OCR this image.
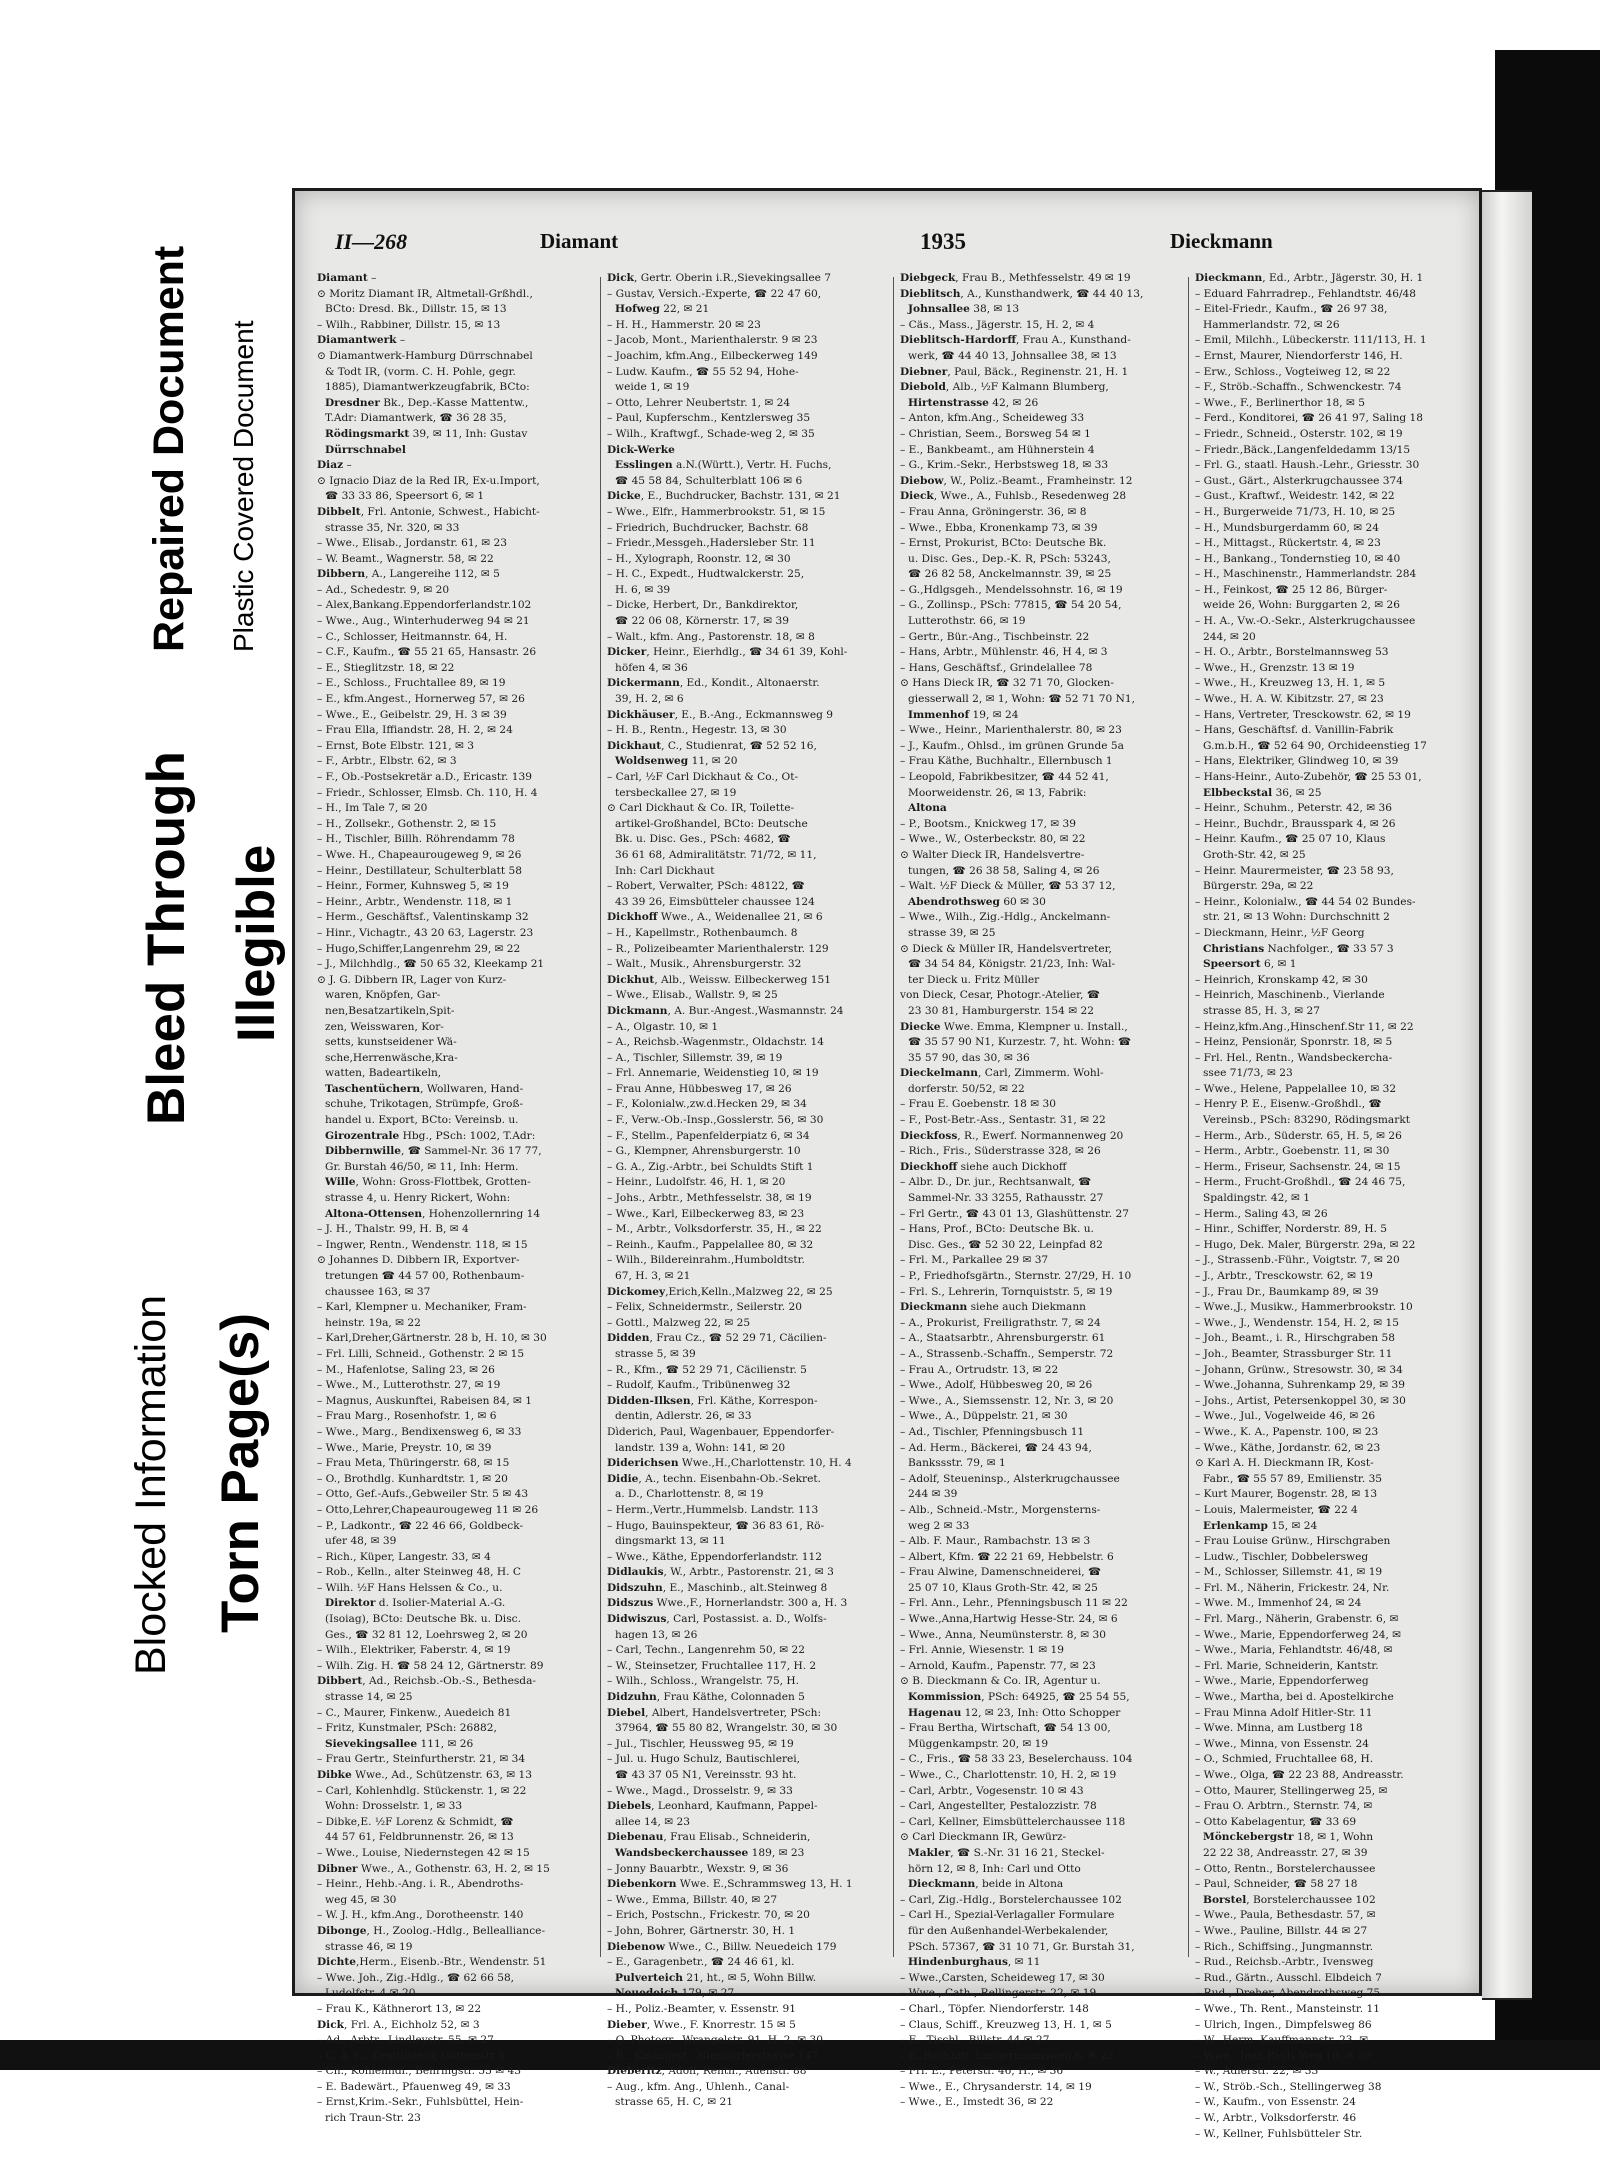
Repaired Document Plastic Covered Document
Bleed Through Illegible
Blocked Information Torn Page(s)
II—268	Diamant	1935	Dieckmann
Diamant –
⊙ Moritz Diamant IR, Altmetall-Grßhdl.,
BCto: Dresd. Bk., Dillstr. 15, ✉ 13
– Wilh., Rabbiner, Dillstr. 15, ✉ 13
Diamantwerk –
⊙ Diamantwerk-Hamburg Dürrschnabel
& Todt IR, (vorm. C. H. Pohle, gegr.
1885), Diamantwerkzeugfabrik, BCto:
Dresdner Bk., Dep.-Kasse Mattentw.,
T.Adr: Diamantwerk, ☎ 36 28 35,
Rödingsmarkt 39, ✉ 11, Inh: Gustav
Dürrschnabel
Diaz –
⊙ Ignacio Diaz de la Red IR, Ex-u.Import,
☎ 33 33 86, Speersort 6, ✉ 1
Dibbelt, Frl. Antonie, Schwest., Habicht-
strasse 35, Nr. 320, ✉ 33
– Wwe., Elisab., Jordanstr. 61, ✉ 23
– W. Beamt., Wagnerstr. 58, ✉ 22
Dibbern, A., Langereihe 112, ✉ 5
– Ad., Schedestr. 9, ✉ 20
– Alex,Bankang.Eppendorferlandstr.102
– Wwe., Aug., Winterhuderweg 94 ✉ 21
– C., Schlosser, Heitmannstr. 64, H.
– C.F., Kaufm., ☎ 55 21 65, Hansastr. 26
– E., Stieglitzstr. 18, ✉ 22
– E., Schloss., Fruchtallee 89, ✉ 19
– E., kfm.Angest., Hornerweg 57, ✉ 26
– Wwe., E., Geibelstr. 29, H. 3 ✉ 39
– Frau Ella, Iffiandstr. 28, H. 2, ✉ 24
– Ernst, Bote Elbstr. 121, ✉ 3
– F., Arbtr., Elbstr. 62, ✉ 3
– F., Ob.-Postsekretär a.D., Ericastr. 139
– Friedr., Schlosser, Elmsb. Ch. 110, H. 4
– H., Im Tale 7, ✉ 20
– H., Zollsekr., Gothenstr. 2, ✉ 15
– H., Tischler, Billh. Röhrendamm 78
– Wwe. H., Chapeaurougeweg 9, ✉ 26
– Heinr., Destillateur, Schulterblatt 58
– Heinr., Former, Kuhnsweg 5, ✉ 19
– Heinr., Arbtr., Wendenstr. 118, ✉ 1
– Herm., Geschäftsf., Valentinskamp 32
– Hinr., Vichagtr., 43 20 63, Lagerstr. 23
– Hugo,Schiffer,Langenrehm 29, ✉ 22
– J., Milchhdlg., ☎ 50 65 32, Kleekamp 21
⊙ J. G. Dibbern IR, Lager von Kurz-
waren, Knöpfen, Gar-
nen,Besatzartikeln,Spit-
zen, Weisswaren, Kor-
setts, kunstseidener Wä-
sche,Herrenwäsche,Kra-
watten, Badeartikeln,
Taschentüchern, Wollwaren, Hand-
schuhe, Trikotagen, Strümpfe, Groß-
handel u. Export, BCto: Vereinsb. u.
Girozentrale Hbg., PSch: 1002, T.Adr:
Dibbernwille, ☎ Sammel-Nr. 36 17 77,
Gr. Burstah 46/50, ✉ 11, Inh: Herm.
Wille, Wohn: Gross-Flottbek, Grotten-
strasse 4, u. Henry Rickert, Wohn:
Altona-Ottensen, Hohenzollernring 14
– J. H., Thalstr. 99, H. B, ✉ 4
– Ingwer, Rentn., Wendenstr. 118, ✉ 15
⊙ Johannes D. Dibbern IR, Exportver-
tretungen ☎ 44 57 00, Rothenbaum-
chaussee 163, ✉ 37
– Karl, Klempner u. Mechaniker, Fram-
heinstr. 19a, ✉ 22
– Karl,Dreher,Gärtnerstr. 28 b, H. 10, ✉ 30
– Frl. Lilli, Schneid., Gothenstr. 2 ✉ 15
– M., Hafenlotse, Saling 23, ✉ 26
– Wwe., M., Lutterothstr. 27, ✉ 19
– Magnus, Auskunftei, Rabeisen 84, ✉ 1
– Frau Marg., Rosenhofstr. 1, ✉ 6
– Wwe., Marg., Bendixensweg 6, ✉ 33
– Wwe., Marie, Preystr. 10, ✉ 39
– Frau Meta, Thüringerstr. 68, ✉ 15
– O., Brothdlg. Kunhardtstr. 1, ✉ 20
– Otto, Gef.-Aufs.,Gebweiler Str. 5 ✉ 43
– Otto,Lehrer,Chapeaurougeweg 11 ✉ 26
– P., Ladkontr., ☎ 22 46 66, Goldbeck-
ufer 48, ✉ 39
– Rich., Küper, Langestr. 33, ✉ 4
– Rob., Kelln., alter Steinweg 48, H. C
– Wilh. ½F Hans Helssen & Co., u.
Direktor d. Isolier-Material A.-G.
(Isoiag), BCto: Deutsche Bk. u. Disc.
Ges., ☎ 32 81 12, Loehrsweg 2, ✉ 20
– Wilh., Elektriker, Faberstr. 4, ✉ 19
– Wilh. Zig. H. ☎ 58 24 12, Gärtnerstr. 89
Dibbert, Ad., Reichsb.-Ob.-S., Bethesda-
strasse 14, ✉ 25
– C., Maurer, Finkenw., Auedeich 81
– Fritz, Kunstmaler, PSch: 26882,
Sievekingsallee 111, ✉ 26
– Frau Gertr., Steinfurtherstr. 21, ✉ 34
Dibke Wwe., Ad., Schützenstr. 63, ✉ 13
– Carl, Kohlenhdlg. Stückenstr. 1, ✉ 22
Wohn: Drosselstr. 1, ✉ 33
– Dibke,E. ½F Lorenz & Schmidt, ☎
44 57 61, Feldbrunnenstr. 26, ✉ 13
– Wwe., Louise, Niedernstegen 42 ✉ 15
Dibner Wwe., A., Gothenstr. 63, H. 2, ✉ 15
– Heinr., Hehb.-Ang. i. R., Abendroths-
weg 45, ✉ 30
– W. J. H., kfm.Ang., Dorotheenstr. 140
Dibonge, H., Zoolog.-Hdlg., Bellealliance-
strasse 46, ✉ 19
Dichte,Herm., Eisenb.-Btr., Wendenstr. 51
– Wwe. Joh., Zig.-Hdlg., ☎ 62 66 58,
Ludolfstr. 4 ✉ 20
– Frau K., Käthnerort 13, ✉ 22
Dick, Frl. A., Eichholz 52, ✉ 3
– Ad., Arbtr., Lindleystr. 55, ✉ 27
– C. A. C., Destillateur, Gothenstr 6
– Ch., Kohlenhdl., Behringstr. 55 ✉ 43
– E. Badewärt., Pfauenweg 49, ✉ 33
– Ernst,Krim.-Sekr., Fuhlsbüttel, Hein-
rich Traun-Str. 23
Dick, Gertr. Oberin i.R.,Sievekingsallee 7
– Gustav, Versich.-Experte, ☎ 22 47 60,
Hofweg 22, ✉ 21
– H. H., Hammerstr. 20 ✉ 23
– Jacob, Mont., Marienthalerstr. 9 ✉ 23
– Joachim, kfm.Ang., Eilbeckerweg 149
– Ludw. Kaufm., ☎ 55 52 94, Hohe-
weide 1, ✉ 19
– Otto, Lehrer Neubertstr. 1, ✉ 24
– Paul, Kupferschm., Kentzlersweg 35
– Wilh., Kraftwgf., Schade-weg 2, ✉ 35
Dick-Werke
Esslingen a.N.(Württ.), Vertr. H. Fuchs,
☎ 45 58 84, Schulterblatt 106 ✉ 6
Dicke, E., Buchdrucker, Bachstr. 131, ✉ 21
– Wwe., Elfr., Hammerbrookstr. 51, ✉ 15
– Friedrich, Buchdrucker, Bachstr. 68
– Friedr.,Messgeh.,Hadersleber Str. 11
– H., Xylograph, Roonstr. 12, ✉ 30
– H. C., Expedt., Hudtwalckerstr. 25,
H. 6, ✉ 39
– Dicke, Herbert, Dr., Bankdirektor,
☎ 22 06 08, Körnerstr. 17, ✉ 39
– Walt., kfm. Ang., Pastorenstr. 18, ✉ 8
Dicker, Heinr., Eierhdlg., ☎ 34 61 39, Kohl-
höfen 4, ✉ 36
Dickermann, Ed., Kondit., Altonaerstr.
39, H. 2, ✉ 6
Dickhäuser, E., B.-Ang., Eckmannsweg 9
– H. B., Rentn., Hegestr. 13, ✉ 30
Dickhaut, C., Studienrat, ☎ 52 52 16,
Woldsenweg 11, ✉ 20
– Carl, ½F Carl Dickhaut & Co., Ot-
tersbeckallee 27, ✉ 19
⊙ Carl Dickhaut & Co. IR, Toilette-
artikel-Großhandel, BCto: Deutsche
Bk. u. Disc. Ges., PSch: 4682, ☎
36 61 68, Admiralitätstr. 71/72, ✉ 11,
Inh: Carl Dickhaut
– Robert, Verwalter, PSch: 48122, ☎
43 39 26, Eimsbütteler chaussee 124
Dickhoff Wwe., A., Weidenallee 21, ✉ 6
– H., Kapellmstr., Rothenbaumch. 8
– R., Polizeibeamter Marienthalerstr. 129
– Walt., Musik., Ahrensburgerstr. 32
Dickhut, Alb., Weissw. Eilbeckerweg 151
– Wwe., Elisab., Wallstr. 9, ✉ 25
Dickmann, A. Bur.-Angest.,Wasmannstr. 24
– A., Olgastr. 10, ✉ 1
– A., Reichsb.-Wagenmstr., Oldachstr. 14
– A., Tischler, Sillemstr. 39, ✉ 19
– Frl. Annemarie, Weidenstieg 10, ✉ 19
– Frau Anne, Hübbesweg 17, ✉ 26
– F., Kolonialw.,zw.d.Hecken 29, ✉ 34
– F., Verw.-Ob.-Insp.,Gosslerstr. 56, ✉ 30
– F., Stellm., Papenfelderpiatz 6, ✉ 34
– G., Klempner, Ahrensburgerstr. 10
– G. A., Zig.-Arbtr., bei Schuldts Stift 1
– Heinr., Ludolfstr. 46, H. 1, ✉ 20
– Johs., Arbtr., Methfesselstr. 38, ✉ 19
– Wwe., Karl, Eilbeckerweg 83, ✉ 23
– M., Arbtr., Volksdorferstr. 35, H., ✉ 22
– Reinh., Kaufm., Pappelallee 80, ✉ 32
– Wilh., Bildereinrahm.,Humboldtstr.
67, H. 3, ✉ 21
Dickomey,Erich,Kelln.,Malzweg 22, ✉ 25
– Felix, Schneidermstr., Seilerstr. 20
– Gottl., Malzweg 22, ✉ 25
Didden, Frau Cz., ☎ 52 29 71, Cäcilien-
strasse 5, ✉ 39
– R., Kfm., ☎ 52 29 71, Cäcilienstr. 5
– Rudolf, Kaufm., Tribünenweg 32
Didden-Ilksen, Frl. Käthe, Korrespon-
dentin, Adlerstr. 26, ✉ 33
Dìderich, Paul, Wagenbauer, Eppendorfer-
landstr. 139 a, Wohn: 141, ✉ 20
Diderichsen Wwe.,H.,Charlottenstr. 10, H. 4
Didie, A., techn. Eisenbahn-Ob.-Sekret.
a. D., Charlottenstr. 8, ✉ 19
– Herm.,Vertr.,Hummelsb. Landstr. 113
– Hugo, Bauinspekteur, ☎ 36 83 61, Rö-
dingsmarkt 13, ✉ 11
– Wwe., Käthe, Eppendorferlandstr. 112
Didlaukis, W., Arbtr., Pastorenstr. 21, ✉ 3
Didszuhn, E., Maschinb., alt.Steinweg 8
Didszus Wwe.,F., Hornerlandstr. 300 a, H. 3
Didwiszus, Carl, Postassist. a. D., Wolfs-
hagen 13, ✉ 26
– Carl, Techn., Langenrehm 50, ✉ 22
– W., Steinsetzer, Fruchtallee 117, H. 2
– Wilh., Schloss., Wrangelstr. 75, H.
Didzuhn, Frau Käthe, Colonnaden 5
Diebel, Albert, Handelsvertreter, PSch:
37964, ☎ 55 80 82, Wrangelstr. 30, ✉ 30
– Jul., Tischler, Heussweg 95, ✉ 19
– Jul. u. Hugo Schulz, Bautischlerei,
☎ 43 37 05 N1, Vereinsstr. 93 ht.
– Wwe., Magd., Drosselstr. 9, ✉ 33
Diebels, Leonhard, Kaufmann, Pappel-
allee 14, ✉ 23
Diebenau, Frau Elisab., Schneiderin,
Wandsbeckerchaussee 189, ✉ 23
– Jonny Bauarbtr., Wexstr. 9, ✉ 36
Diebenkorn Wwe. E.,Schrammsweg 13, H. 1
– Wwe., Emma, Billstr. 40, ✉ 27
– Erich, Postschn., Frickestr. 70, ✉ 20
– John, Bohrer, Gärtnerstr. 30, H. 1
Diebenow Wwe., C., Billw. Neuedeich 179
– E., Garagenbetr., ☎ 24 46 61, kl.
Pulverteich 21, ht., ✉ 5, Wohn Billw.
Neuedeich 179, ✉ 27
– H., Poliz.-Beamter, v. Essenstr. 91
Dieber, Wwe., F. Knorrestr. 15 ✉ 5
– O.,Photogr., Wrangelstr. 91, H. 2, ✉ 30
– R., Kaiangest., Niendorferstrasse 147
Dieberitz, Adolf, Rentn., Auenstr. 88
– Aug., kfm. Ang., Uhlenh., Canal-
strasse 65, H. C, ✉ 21
Diebgeck, Frau B., Methfesselstr. 49 ✉ 19
Dieblitsch, A., Kunsthandwerk, ☎ 44 40 13,
Johnsallee 38, ✉ 13
– Cäs., Mass., Jägerstr. 15, H. 2, ✉ 4
Dieblitsch-Hardorff, Frau A., Kunsthand-
werk, ☎ 44 40 13, Johnsallee 38, ✉ 13
Diebner, Paul, Bäck., Reginenstr. 21, H. 1
Diebold, Alb., ½F Kalmann Blumberg,
Hirtenstrasse 42, ✉ 26
– Anton, kfm.Ang., Scheideweg 33
– Christian, Seem., Borsweg 54 ✉ 1
– E., Bankbeamt., am Hühnerstein 4
– G., Krim.-Sekr., Herbstsweg 18, ✉ 33
Diebow, W., Poliz.-Beamt., Framheinstr. 12
Dieck, Wwe., A., Fuhlsb., Resedenweg 28
– Frau Anna, Gröningerstr. 36, ✉ 8
– Wwe., Ebba, Kronenkamp 73, ✉ 39
– Ernst, Prokurist, BCto: Deutsche Bk.
u. Disc. Ges., Dep.-K. R, PSch: 53243,
☎ 26 82 58, Anckelmannstr. 39, ✉ 25
– G.,Hdlgsgeh., Mendelssohnstr. 16, ✉ 19
– G., Zollinsp., PSch: 77815, ☎ 54 20 54,
Lutterothstr. 66, ✉ 19
– Gertr., Bür.-Ang., Tischbeinstr. 22
– Hans, Arbtr., Mühlenstr. 46, H 4, ✉ 3
– Hans, Geschäftsf., Grindelallee 78
⊙ Hans Dieck IR, ☎ 32 71 70, Glocken-
giesserwall 2, ✉ 1, Wohn: ☎ 52 71 70 N1,
Immenhof 19, ✉ 24
– Wwe., Heinr., Marienthalerstr. 80, ✉ 23
– J., Kaufm., Ohlsd., im grünen Grunde 5a
– Frau Käthe, Buchhaltr., Ellernbusch 1
– Leopold, Fabrikbesitzer, ☎ 44 52 41,
Moorweidenstr. 26, ✉ 13, Fabrik:
Altona
– P., Bootsm., Knickweg 17, ✉ 39
– Wwe., W., Osterbeckstr. 80, ✉ 22
⊙ Walter Dieck IR, Handelsvertre-
tungen, ☎ 26 38 58, Saling 4, ✉ 26
– Walt. ½F Dieck & Müller, ☎ 53 37 12,
Abendrothsweg 60 ✉ 30
– Wwe., Wilh., Zig.-Hdlg., Anckelmann-
strasse 39, ✉ 25
⊙ Dieck & Müller IR, Handelsvertreter,
☎ 34 54 84, Königstr. 21/23, Inh: Wal-
ter Dieck u. Fritz Müller
von Dieck, Cesar, Photogr.-Atelier, ☎
23 30 81, Hamburgerstr. 154 ✉ 22
Diecke Wwe. Emma, Klempner u. Install.,
☎ 35 57 90 N1, Kurzestr. 7, ht. Wohn: ☎
35 57 90, das 30, ✉ 36
Dieckelmann, Carl, Zimmerm. Wohl-
dorferstr. 50/52, ✉ 22
– Frau E. Goebenstr. 18 ✉ 30
– F., Post-Betr.-Ass., Sentastr. 31, ✉ 22
Dieckfoss, R., Ewerf. Normannenweg 20
– Rich., Fris., Süderstrasse 328, ✉ 26
Dieckhoff siehe auch Dickhoff
– Albr. D., Dr. jur., Rechtsanwalt, ☎
Sammel-Nr. 33 3255, Rathausstr. 27
– Frl Gertr., ☎ 43 01 13, Glashüttenstr. 27
– Hans, Prof., BCto: Deutsche Bk. u.
Disc. Ges., ☎ 52 30 22, Leinpfad 82
– Frl. M., Parkallee 29 ✉ 37
– P., Friedhofsgärtn., Sternstr. 27/29, H. 10
– Frl. S., Lehrerin, Tornquiststr. 5, ✉ 19
Dieckmann siehe auch Diekmann
– A., Prokurist, Freiligrathstr. 7, ✉ 24
– A., Staatsarbtr., Ahrensburgerstr. 61
– A., Strassenb.-Schaffn., Semperstr. 72
– Frau A., Ortrudstr. 13, ✉ 22
– Wwe., Adolf, Hübbesweg 20, ✉ 26
– Wwe., A., Siemssenstr. 12, Nr. 3, ✉ 20
– Wwe., A., Düppelstr. 21, ✉ 30
– Ad., Tischler, Pfenningsbusch 11
– Ad. Herm., Bäckerei, ☎ 24 43 94,
Bankssstr. 79, ✉ 1
– Adolf, Steueninsp., Alsterkrugchaussee
244 ✉ 39
– Alb., Schneid.-Mstr., Morgensterns-
weg 2 ✉ 33
– Alb. F. Maur., Rambachstr. 13 ✉ 3
– Albert, Kfm. ☎ 22 21 69, Hebbelstr. 6
– Frau Alwine, Damenschneiderei, ☎
25 07 10, Klaus Groth-Str. 42, ✉ 25
– Frl. Ann., Lehr., Pfenningsbusch 11 ✉ 22
– Wwe.,Anna,Hartwig Hesse-Str. 24, ✉ 6
– Wwe., Anna, Neumünsterstr. 8, ✉ 30
– Frl. Annie, Wiesenstr. 1 ✉ 19
– Arnold, Kaufm., Papenstr. 77, ✉ 23
⊙ B. Dieckmann & Co. IR, Agentur u.
Kommission, PSch: 64925, ☎ 25 54 55,
Hagenau 12, ✉ 23, Inh: Otto Schopper
– Frau Bertha, Wirtschaft, ☎ 54 13 00,
Müggenkampstr. 20, ✉ 19
– C., Fris., ☎ 58 33 23, Beselerchauss. 104
– Wwe., C., Charlottenstr. 10, H. 2, ✉ 19
– Carl, Arbtr., Vogesenstr. 10 ✉ 43
– Carl, Angestellter, Pestalozzistr. 78
– Carl, Kellner, Eimsbüttelerchaussee 118
⊙ Carl Dieckmann IR, Gewürz-
Makler, ☎ S.-Nr. 31 16 21, Steckel-
hörn 12, ✉ 8, Inh: Carl und Otto
Dieckmann, beide in Altona
– Carl, Zig.-Hdlg., Borstelerchaussee 102
– Carl H., Spezial-Verlagaller Formulare
für den Außenhandel-Werbekalender,
PSch. 57367, ☎ 31 10 71, Gr. Burstah 31,
Hindenburghaus, ✉ 11
– Wwe.,Carsten, Scheideweg 17, ✉ 30
– Wwe., Cath., Rellingerstr. 22, ✉ 19
– Charl., Töpfer. Niendorferstr. 148
– Claus, Schiff., Kreuzweg 13, H. 1, ✉ 5
– E., Tischl., Billstr. 44 ✉ 27
– E.,Buchhltr.,Langermannsweg 6, ✉ 22
– Frl. E., Peterstr. 46, H., ✉ 36
– Wwe., E., Chrysanderstr. 14, ✉ 19
– Wwe., E., Imstedt 36, ✉ 22
Dieckmann, Ed., Arbtr., Jägerstr. 30, H. 1
– Eduard Fahrradrep., Fehlandtstr. 46/48
– Eitel-Friedr., Kaufm., ☎ 26 97 38,
Hammerlandstr. 72, ✉ 26
– Emil, Milchh., Lübeckerstr. 111/113, H. 1
– Ernst, Maurer, Niendorferstr 146, H.
– Erw., Schloss., Vogteiweg 12, ✉ 22
– F., Ströb.-Schaffn., Schwenckestr. 74
– Wwe., F., Berlinerthor 18, ✉ 5
– Ferd., Konditorei, ☎ 26 41 97, Saling 18
– Friedr., Schneid., Osterstr. 102, ✉ 19
– Friedr.,Bäck.,Langenfeldedamm 13/15
– Frl. G., staatl. Haush.-Lehr., Griesstr. 30
– Gust., Gärt., Alsterkrugchaussee 374
– Gust., Kraftwf., Weidestr. 142, ✉ 22
– H., Burgerweide 71/73, H. 10, ✉ 25
– H., Mundsburgerdamm 60, ✉ 24
– H., Mittagst., Rückertstr. 4, ✉ 23
– H., Bankang., Tondernstieg 10, ✉ 40
– H., Maschinenstr., Hammerlandstr. 284
– H., Feinkost, ☎ 25 12 86, Bürger-
weide 26, Wohn: Burggarten 2, ✉ 26
– H. A., Vw.-O.-Sekr., Alsterkrugchaussee
244, ✉ 20
– H. O., Arbtr., Borstelmannsweg 53
– Wwe., H., Grenzstr. 13 ✉ 19
– Wwe., H., Kreuzweg 13, H. 1, ✉ 5
– Wwe., H. A. W. Kibitzstr. 27, ✉ 23
– Hans, Vertreter, Tresckowstr. 62, ✉ 19
– Hans, Geschäftsf. d. Vanillin-Fabrik
G.m.b.H., ☎ 52 64 90, Orchideenstieg 17
– Hans, Elektriker, Glindweg 10, ✉ 39
– Hans-Heinr., Auto-Zubehör, ☎ 25 53 01,
Elbbeckstal 36, ✉ 25
– Heinr., Schuhm., Peterstr. 42, ✉ 36
– Heinr., Buchdr., Brausspark 4, ✉ 26
– Heinr. Kaufm., ☎ 25 07 10, Klaus
Groth-Str. 42, ✉ 25
– Heinr. Maurermeister, ☎ 23 58 93,
Bürgerstr. 29a, ✉ 22
– Heinr., Kolonialw., ☎ 44 54 02 Bundes-
str. 21, ✉ 13 Wohn: Durchschnitt 2
– Dieckmann, Heinr., ½F Georg
Christians Nachfolger., ☎ 33 57 3
Speersort 6, ✉ 1
– Heinrich, Kronskamp 42, ✉ 30
– Heinrich, Maschinenb., Vierlande
strasse 85, H. 3, ✉ 27
– Heinz,kfm.Ang.,Hinschenf.Str 11, ✉ 22
– Heinz, Pensionär, Sponrstr. 18, ✉ 5
– Frl. Hel., Rentn., Wandsbeckercha-
ssee 71/73, ✉ 23
– Wwe., Helene, Pappelallee 10, ✉ 32
– Henry P. E., Eisenw.-Großhdl., ☎
Vereinsb., PSch: 83290, Rödingsmarkt
– Herm., Arb., Süderstr. 65, H. 5, ✉ 26
– Herm., Arbtr., Goebenstr. 11, ✉ 30
– Herm., Friseur, Sachsenstr. 24, ✉ 15
– Herm., Frucht-Großhdl., ☎ 24 46 75,
Spaldingstr. 42, ✉ 1
– Herm., Saling 43, ✉ 26
– Hinr., Schiffer, Norderstr. 89, H. 5
– Hugo, Dek. Maler, Bürgerstr. 29a, ✉ 22
– J., Strassenb.-Führ., Voigtstr. 7, ✉ 20
– J., Arbtr., Tresckowstr. 62, ✉ 19
– J., Frau Dr., Baumkamp 89, ✉ 39
– Wwe.,J., Musikw., Hammerbrookstr. 10
– Wwe., J., Wendenstr. 154, H. 2, ✉ 15
– Joh., Beamt., i. R., Hirschgraben 58
– Joh., Beamter, Strassburger Str. 11
– Johann, Grünw., Stresowstr. 30, ✉ 34
– Wwe.,Johanna, Suhrenkamp 29, ✉ 39
– Johs., Artist, Petersenkoppel 30, ✉ 30
– Wwe., Jul., Vogelweide 46, ✉ 26
– Wwe., K. A., Papenstr. 100, ✉ 23
– Wwe., Käthe, Jordanstr. 62, ✉ 23
⊙ Karl A. H. Dieckmann IR, Kost-
Fabr., ☎ 55 57 89, Emilienstr. 35
– Kurt Maurer, Bogenstr. 28, ✉ 13
– Louis, Malermeister, ☎ 22 4
Erlenkamp 15, ✉ 24
– Frau Louise Grünw., Hirschgraben
– Ludw., Tischler, Dobbelersweg
– M., Schlosser, Sillemstr. 41, ✉ 19
– Frl. M., Näherin, Frickestr. 24, Nr.
– Wwe. M., Immenhof 24, ✉ 24
– Frl. Marg., Näherin, Grabenstr. 6, ✉
– Wwe., Marie, Eppendorferweg 24, ✉
– Wwe., Maria, Fehlandtstr. 46/48, ✉
– Frl. Marie, Schneiderin, Kantstr.
– Wwe., Marie, Eppendorferweg
– Wwe., Martha, bei d. Apostelkirche
– Frau Minna Adolf Hitler-Str. 11
– Wwe. Minna, am Lustberg 18
– Wwe., Minna, von Essenstr. 24
– O., Schmied, Fruchtallee 68, H.
– Wwe., Olga, ☎ 22 23 88, Andreasstr.
– Otto, Maurer, Stellingerweg 25, ✉
– Frau O. Arbtrn., Sternstr. 74, ✉
– Otto Kabelagentur, ☎ 33 69
Mönckebergstr 18, ✉ 1, Wohn
22 22 38, Andreasstr. 27, ✉ 39
– Otto, Rentn., Borstelerchaussee
– Paul, Schneider, ☎ 58 27 18
Borstel, Borstelerchaussee 102
– Wwe., Paula, Bethesdastr. 57, ✉
– Wwe., Pauline, Billstr. 44 ✉ 27
– Rich., Schiffsing., Jungmannstr.
– Rud., Reichsb.-Arbtr., Ivensweg
– Rud., Gärtn., Ausschl. Elbdeich 7
– Rud., Dreher, Abendrothsweg 75
– Wwe., Th. Rent., Mansteinstr. 11
– Ulrich, Ingen., Dimpfelsweg 86
– W., Herm. Kauffmannstr. 23, ✉
– Wwe., Jean Pauls Weg 10, ✉ 39
– W., Adlerstr. 22, ✉ 33
– W., Ströb.-Sch., Stellingerweg 38
– W., Kaufm., von Essenstr. 24
– W., Arbtr., Volksdorferstr. 46
– W., Kellner, Fuhlsbütteler Str.
